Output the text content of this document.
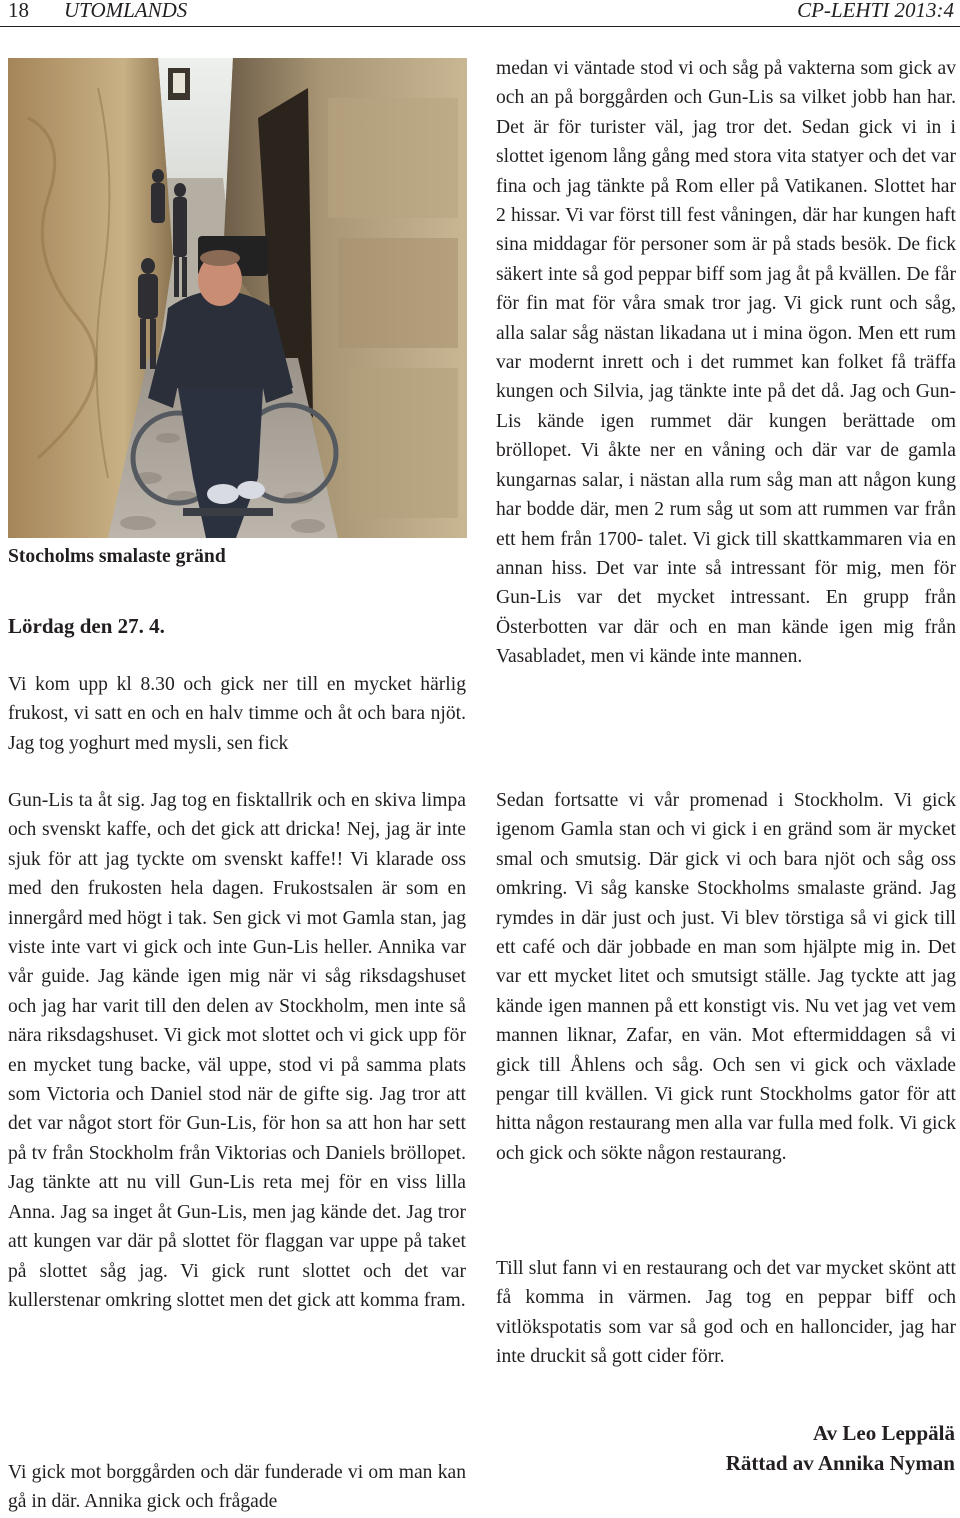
18 UTOMLANDS	CP-LEHTI 2013:4
Stocholms smalaste gränd
Lördag den 27. 4.

Vi kom upp kl 8.30 och gick ner till en mycket härlig frukost, vi satt en och en halv timme och åt och bara njöt. Jag tog yoghurt med mysli, sen fick

Gun-Lis ta åt sig. Jag tog en fisktallrik och en skiva limpa och svenskt kaffe, och det gick att dricka! Nej, jag är inte sjuk för att jag tyckte om svenskt kaffe!! Vi klarade oss med den frukosten hela dagen. Frukostsalen är som en innergård med högt i tak. Sen gick vi mot Gamla stan, jag viste inte vart vi gick och inte Gun-Lis heller. Annika var vår guide. Jag kände igen mig när vi såg riksdagshuset och jag har varit till den delen av Stockholm, men inte så nära riksdagshuset. Vi gick mot slottet och vi gick upp för en mycket tung backe, väl uppe, stod vi på samma plats som Victoria och Daniel stod när de gifte sig. Jag tror att det var något stort för Gun-Lis, för hon sa att hon har sett på tv från Stockholm från Viktorias och Daniels bröllopet. Jag tänkte att nu vill Gun-Lis reta mej för en viss lilla Anna. Jag sa inget åt Gun-Lis, men jag kände det. Jag tror att kungen var där på slottet för flaggan var uppe på taket på slottet såg jag. Vi gick runt slottet och det var kullerstenar omkring slottet men det gick att komma fram.

Vi gick mot borggården och där funderade vi om man kan gå in där. Annika gick och frågade

medan vi väntade stod vi och såg på vakterna som gick av och an på borggården och Gun-Lis sa vilket jobb han har. Det är för turister väl, jag tror det. Sedan gick vi in i slottet igenom lång gång med stora vita statyer och det var fina och jag tänkte på Rom eller på Vatikanen. Slottet har 2 hissar. Vi var först till fest våningen, där har kungen haft sina middagar för personer som är på stads besök. De fick säkert inte så god peppar biff som jag åt på kvällen. De får för fin mat för våra smak tror jag. Vi gick runt och såg, alla salar såg nästan likadana ut i mina ögon. Men ett rum var modernt inrett och i det rummet kan folket få träffa kungen och Silvia, jag tänkte inte på det då. Jag och Gun-Lis kände igen rummet där kungen berättade om bröllopet. Vi åkte ner en våning och där var de gamla kungarnas salar, i nästan alla rum såg man att någon kung har bodde där, men 2 rum såg ut som att rummen var från ett hem från 1700- talet. Vi gick till skattkammaren via en annan hiss. Det var inte så intressant för mig, men för Gun-Lis var det mycket intressant. En grupp från Österbotten var där och en man kände igen mig från Vasabladet, men vi kände inte mannen.

Sedan fortsatte vi vår promenad i Stockholm. Vi gick igenom Gamla stan och vi gick i en gränd som är mycket smal och smutsig. Där gick vi och bara njöt och såg oss omkring. Vi såg kanske Stockholms smalaste gränd. Jag rymdes in där just och just. Vi blev törstiga så vi gick till ett café och där jobbade en man som hjälpte mig in. Det var ett mycket litet och smutsigt ställe. Jag tyckte att jag kände igen mannen på ett konstigt vis. Nu vet jag vet vem mannen liknar, Zafar, en vän. Mot eftermiddagen så vi gick till Åhlens och såg. Och sen vi gick och växlade pengar till kvällen. Vi gick runt Stockholms gator för att hitta någon restaurang men alla var fulla med folk. Vi gick och gick och sökte någon restaurang.

Till slut fann vi en restaurang och det var mycket skönt att få komma in värmen. Jag tog en peppar biff och vitlökspotatis som var så god och en halloncider, jag har inte druckit så gott cider förr.

Av Leo Leppälä
Rättad av Annika Nyman
